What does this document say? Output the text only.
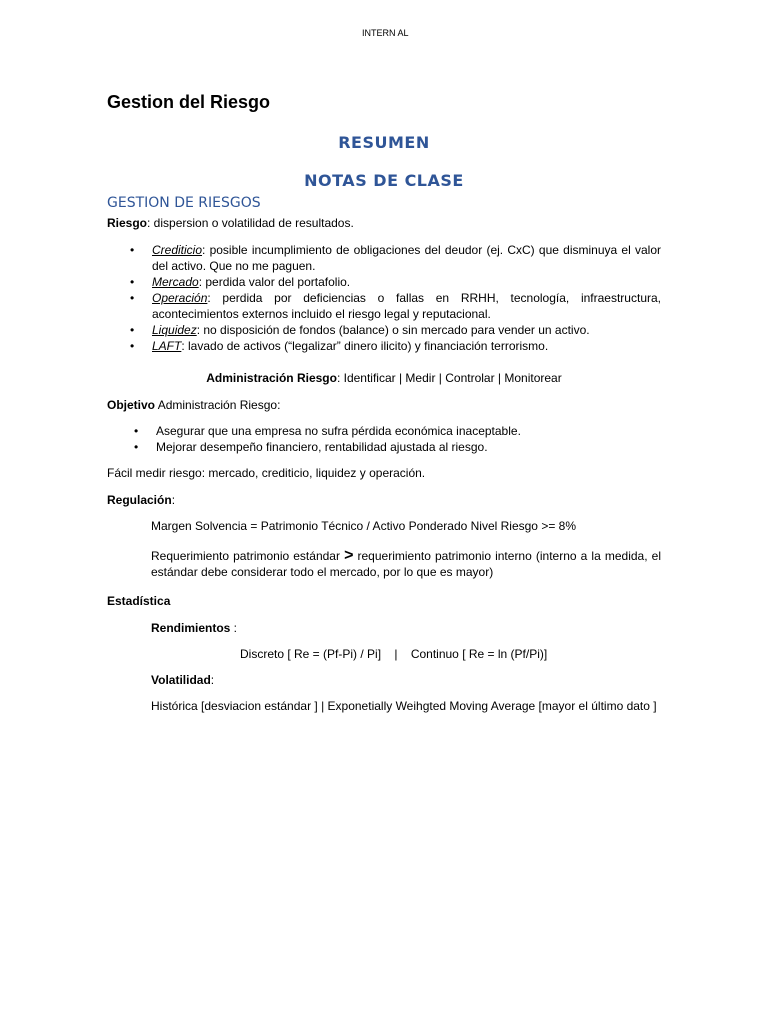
INTERN AL
Gestion del Riesgo
RESUMEN
NOTAS DE CLASE
GESTION DE RIESGOS

Riesgo: dispersion o volatilidad de resultados.

• Crediticio: posible incumplimiento de obligaciones del deudor (ej. CxC) que disminuya el valor del activo. Que no me paguen.
• Mercado: perdida valor del portafolio.
• Operación: perdida por deficiencias o fallas en RRHH, tecnología, infraestructura, acontecimientos externos incluido el riesgo legal y reputacional.
• Liquidez: no disposición de fondos (balance) o sin mercado para vender un activo.
• LAFT: lavado de activos (“legalizar” dinero ilicito) y financiación terrorismo.

Administración Riesgo: Identificar | Medir | Controlar | Monitorear

Objetivo Administración Riesgo:

• Asegurar que una empresa no sufra pérdida económica inaceptable.
• Mejorar desempeño financiero, rentabilidad ajustada al riesgo.

Fácil medir riesgo: mercado, crediticio, liquidez y operación.

Regulación:

Margen Solvencia = Patrimonio Técnico / Activo Ponderado Nivel Riesgo >= 8%

Requerimiento patrimonio estándar > requerimiento patrimonio interno (interno a la medida, el estándar debe considerar todo el mercado, por lo que es mayor)

Estadística

Rendimientos :

Discreto [ Re = (Pf-Pi) / Pi]    |    Continuo [ Re = ln (Pf/Pi)]

Volatilidad:

Histórica [desviacion estándar ] | Exponetially Weihgted Moving Average [mayor el último dato ]
